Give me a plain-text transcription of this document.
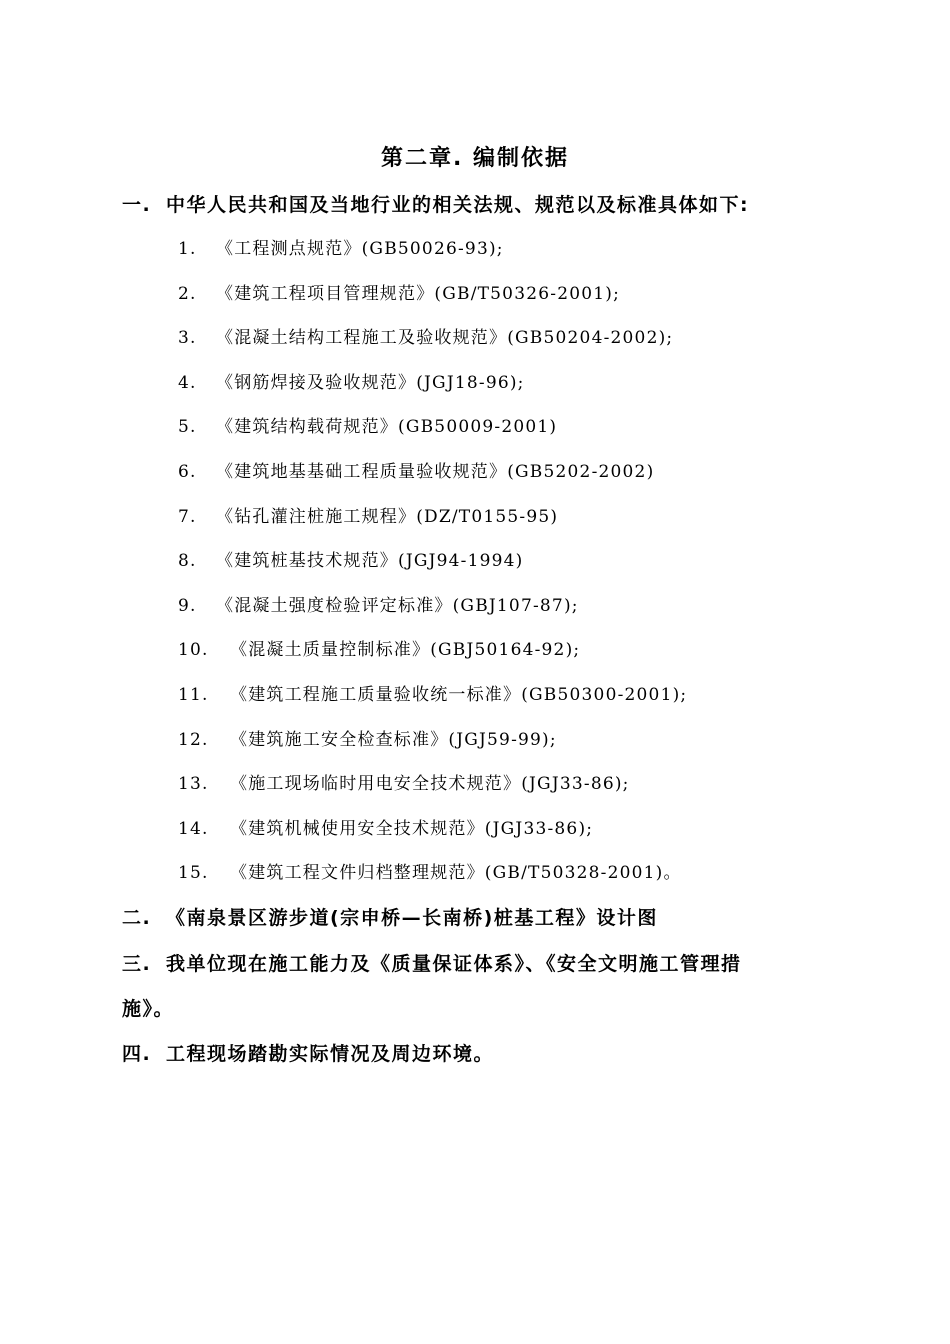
第二章. 编制依据
一. 中华人民共和国及当地行业的相关法规、规范以及标准具体如下:
1. 《工程测点规范》(GB50026-93);
2. 《建筑工程项目管理规范》(GB/T50326-2001);
3. 《混凝土结构工程施工及验收规范》(GB50204-2002);
4. 《钢筋焊接及验收规范》(JGJ18-96);
5. 《建筑结构载荷规范》(GB50009-2001)
6. 《建筑地基基础工程质量验收规范》(GB5202-2002)
7. 《钻孔灌注桩施工规程》(DZ/T0155-95)
8. 《建筑桩基技术规范》(JGJ94-1994)
9. 《混凝土强度检验评定标准》(GBJ107-87);
10. 《混凝土质量控制标准》(GBJ50164-92);
11. 《建筑工程施工质量验收统一标准》(GB50300-2001);
12. 《建筑施工安全检查标准》(JGJ59-99);
13. 《施工现场临时用电安全技术规范》(JGJ33-86);
14. 《建筑机械使用安全技术规范》(JGJ33-86);
15. 《建筑工程文件归档整理规范》(GB/T50328-2001)。
二. 《南泉景区游步道(宗申桥—长南桥)桩基工程》设计图
三. 我单位现在施工能力及《质量保证体系》、《安全文明施工管理措
施》。
四. 工程现场踏勘实际情况及周边环境。
